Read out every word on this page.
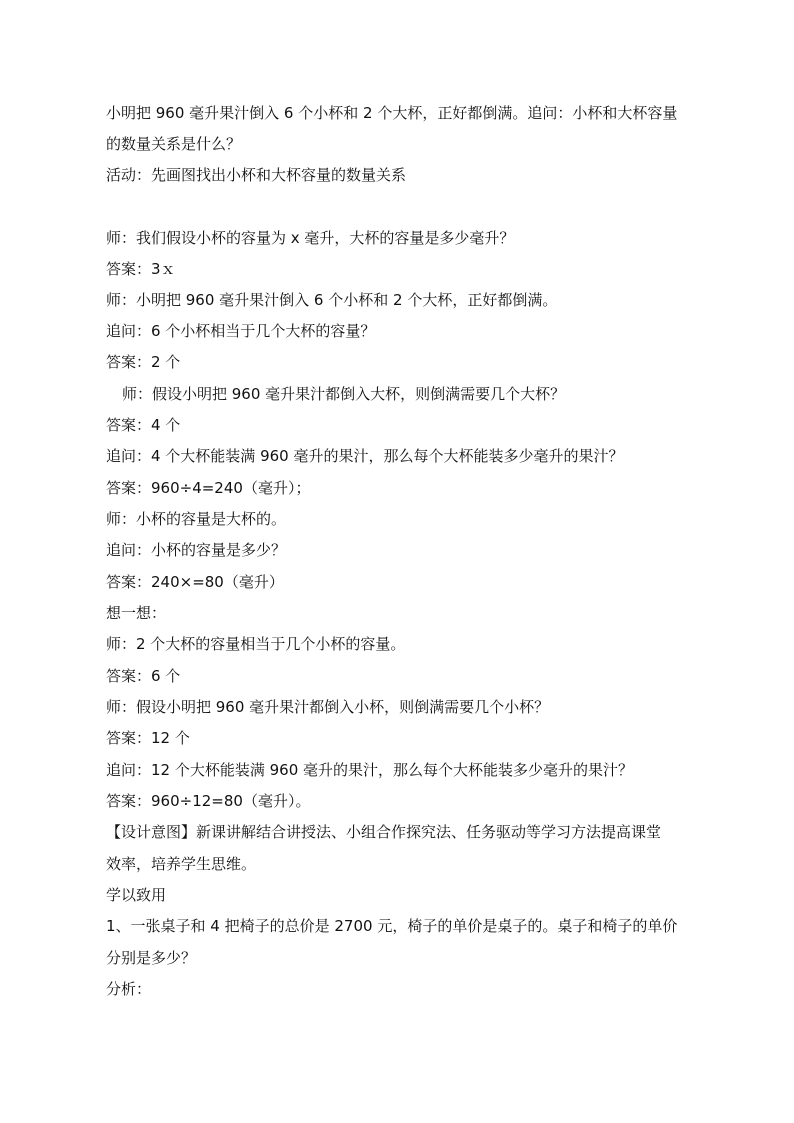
小明把 960 毫升果汁倒入 6 个小杯和 2 个大杯，正好都倒满。追问：小杯和大杯容量
的数量关系是什么？
活动：先画图找出小杯和大杯容量的数量关系
师：我们假设小杯的容量为 x 毫升，大杯的容量是多少毫升？
答案：3ｘ
师：小明把 960 毫升果汁倒入 6 个小杯和 2 个大杯，正好都倒满。
追问：6 个小杯相当于几个大杯的容量？
答案：2 个
师：假设小明把 960 毫升果汁都倒入大杯，则倒满需要几个大杯？
答案：4 个
追问：4 个大杯能装满 960 毫升的果汁，那么每个大杯能装多少毫升的果汁？
答案：960÷4=240（毫升）；
师：小杯的容量是大杯的。
追问：小杯的容量是多少？
答案：240×=80（毫升）
想一想：
师：2 个大杯的容量相当于几个小杯的容量。
答案：6 个
师：假设小明把 960 毫升果汁都倒入小杯，则倒满需要几个小杯？
答案：12 个
追问：12 个大杯能装满 960 毫升的果汁，那么每个大杯能装多少毫升的果汁？
答案：960÷12=80（毫升）。
【设计意图】新课讲解结合讲授法、小组合作探究法、任务驱动等学习方法提高课堂
效率，培养学生思维。
学以致用
1、一张桌子和 4 把椅子的总价是 2700 元，椅子的单价是桌子的。桌子和椅子的单价
分别是多少？
分析：
